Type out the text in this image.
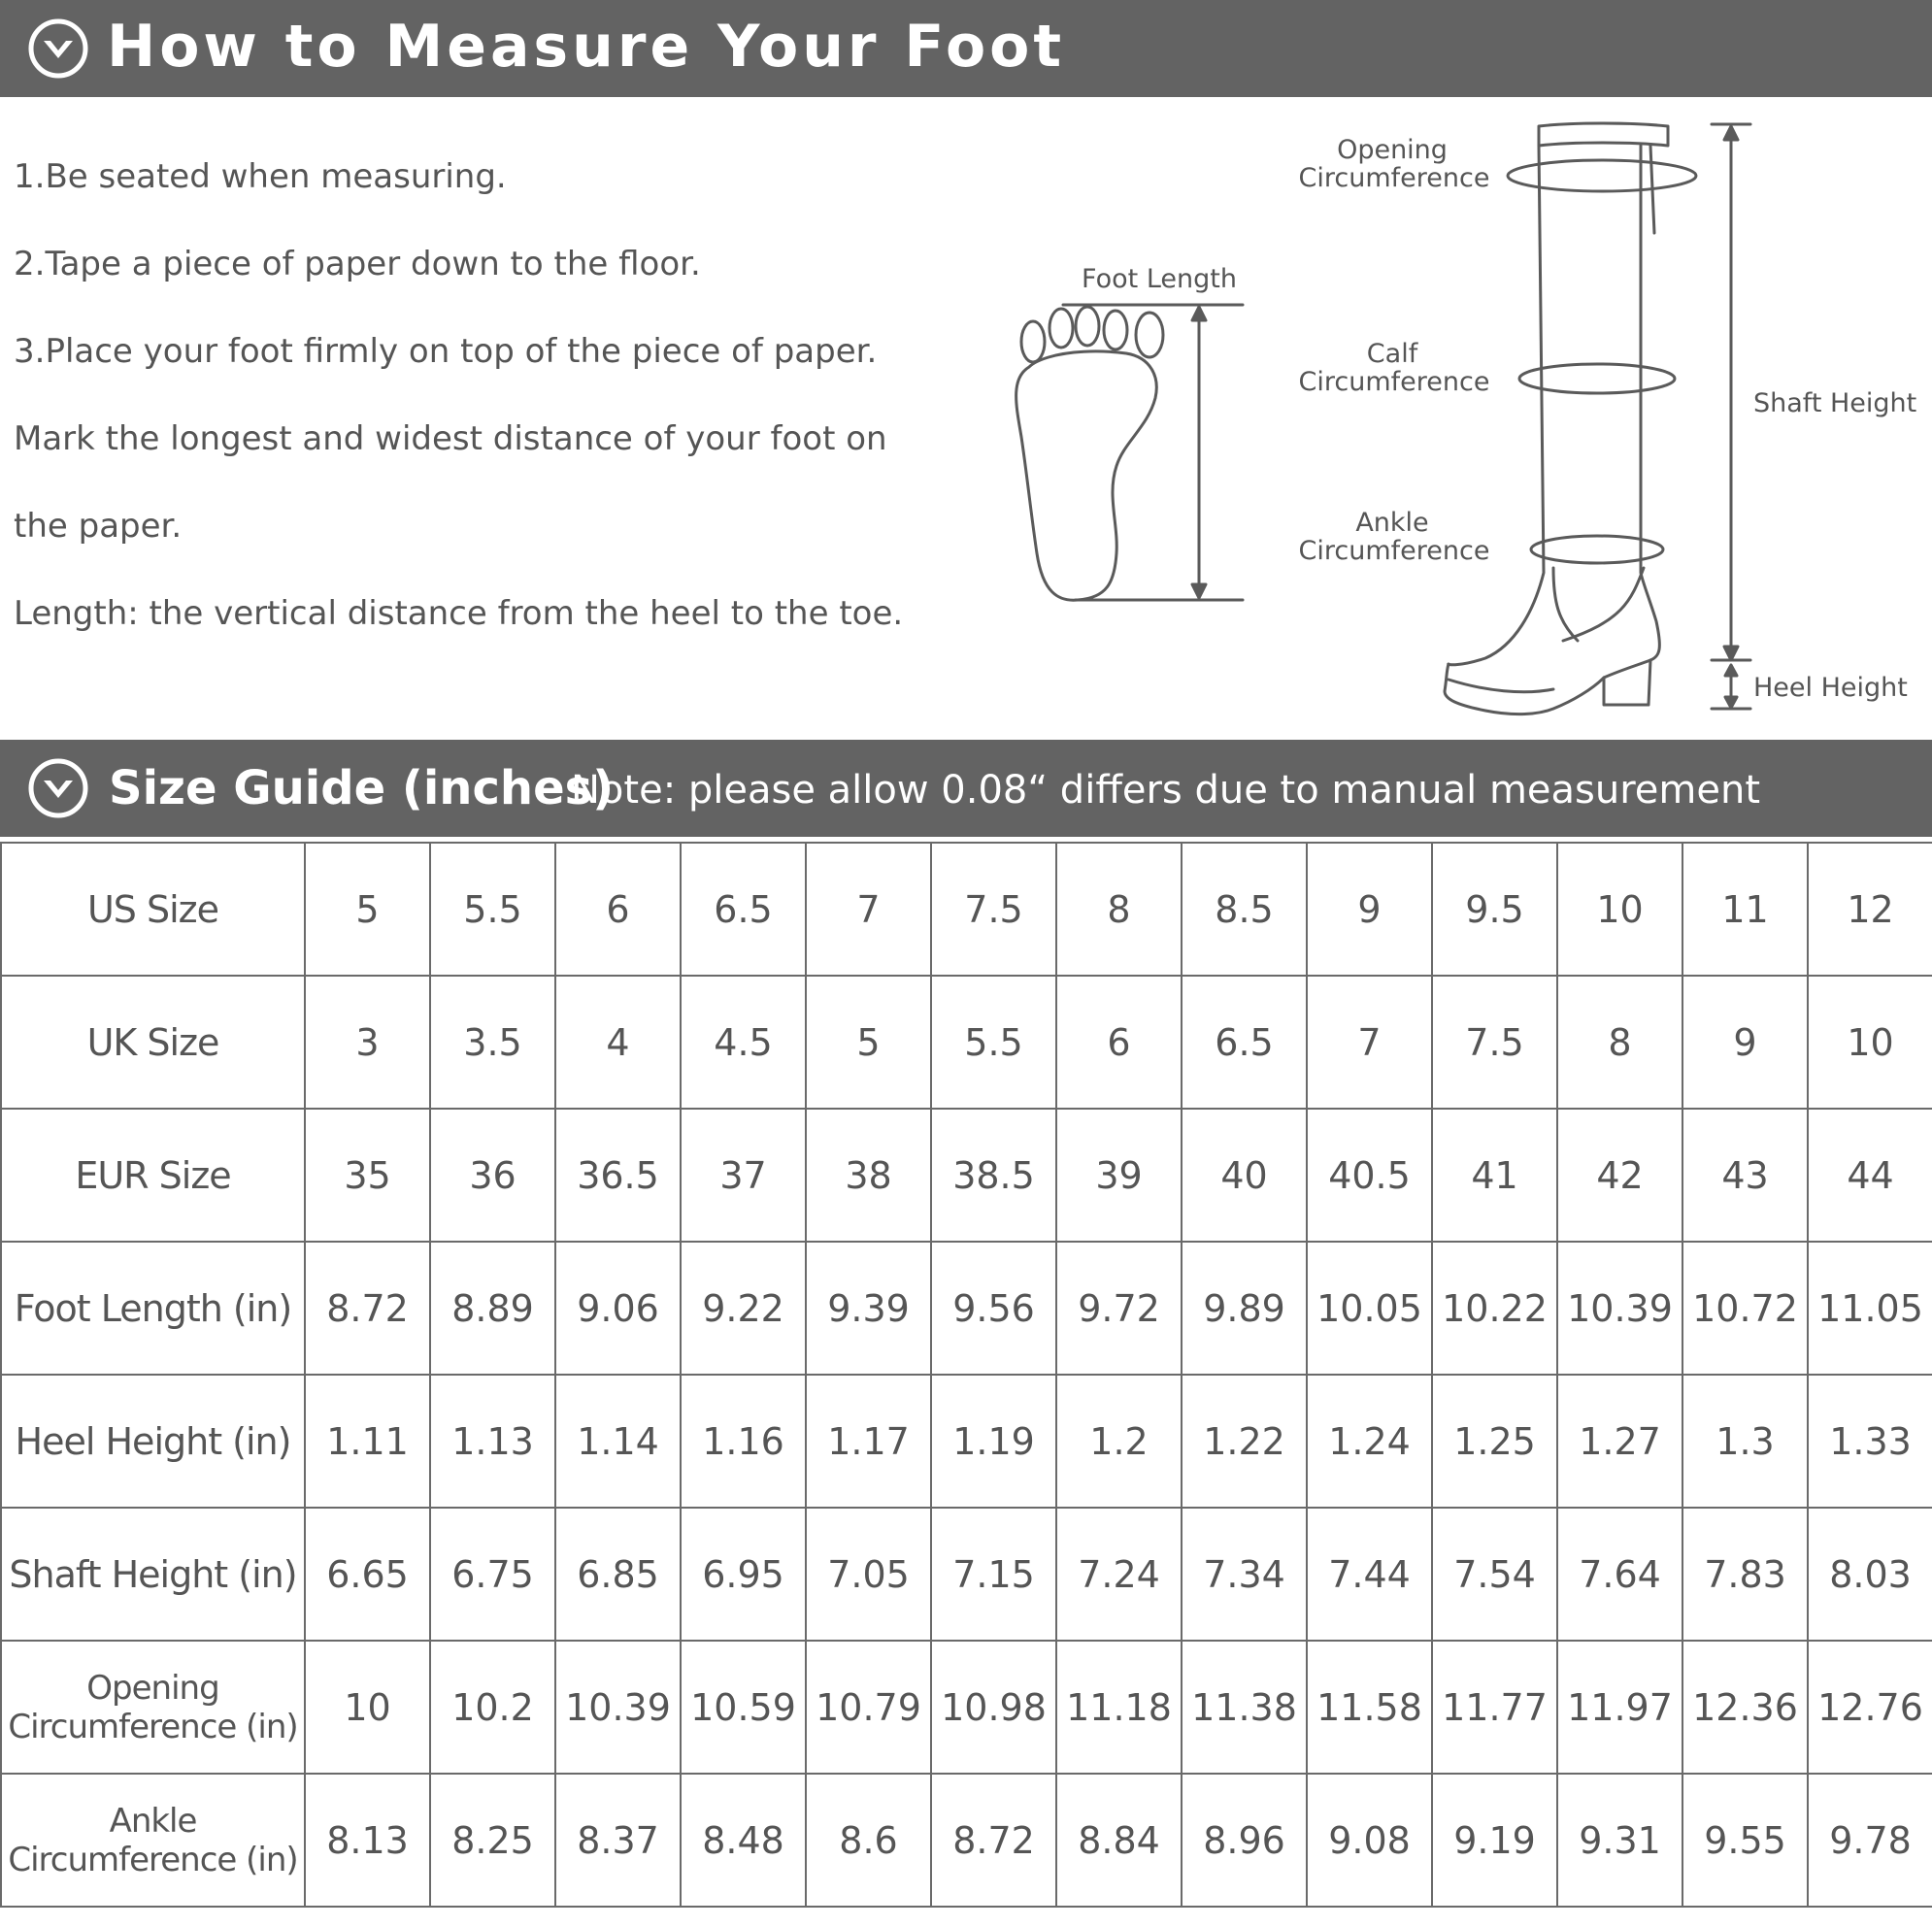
How to Measure Your Foot
1.Be seated when measuring.
2.Tape a piece of paper down to the floor.
3.Place your foot firmly on top of the piece of paper.
Mark the longest and widest distance of your foot on
the paper.
Length: the vertical distance from the heel to the toe.
Foot Length
Opening
Circumference
Calf
Circumference
Ankle
Circumference
Shaft Height
Heel Height
Size Guide (inches)
Note: please allow 0.08“ differs due to manual measurement
US Size	5	5.5	6	6.5	7	7.5	8	8.5	9	9.5	10	11	12
UK Size	3	3.5	4	4.5	5	5.5	6	6.5	7	7.5	8	9	10
EUR Size	35	36	36.5	37	38	38.5	39	40	40.5	41	42	43	44
Foot Length (in)	8.72	8.89	9.06	9.22	9.39	9.56	9.72	9.89	10.05	10.22	10.39	10.72	11.05
Heel Height (in)	1.11	1.13	1.14	1.16	1.17	1.19	1.2	1.22	1.24	1.25	1.27	1.3	1.33
Shaft Height (in)	6.65	6.75	6.85	6.95	7.05	7.15	7.24	7.34	7.44	7.54	7.64	7.83	8.03
Opening Circumference (in)	10	10.2	10.39	10.59	10.79	10.98	11.18	11.38	11.58	11.77	11.97	12.36	12.76
Ankle Circumference (in)	8.13	8.25	8.37	8.48	8.6	8.72	8.84	8.96	9.08	9.19	9.31	9.55	9.78
